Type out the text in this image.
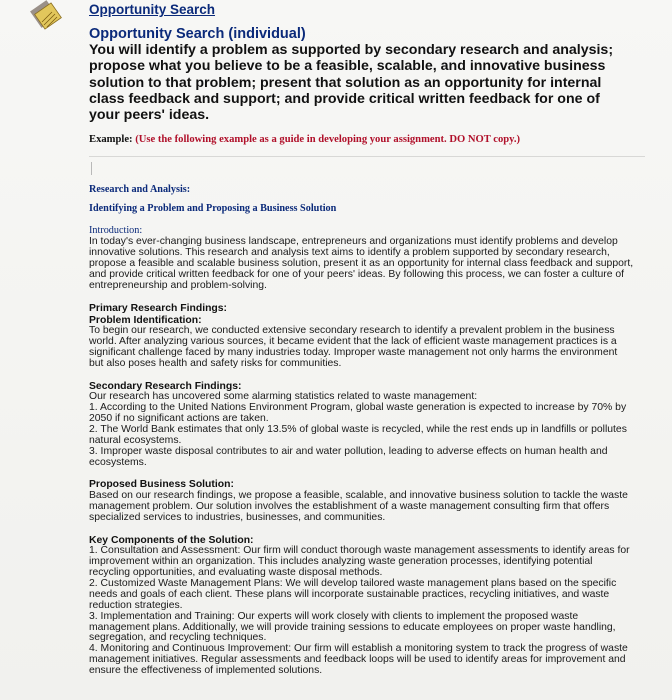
Opportunity Search
Opportunity Search (individual)
You will identify a problem as supported by secondary research and analysis; propose what you believe to be a feasible, scalable, and innovative business solution to that problem; present that solution as an opportunity for internal class feedback and support; and provide critical written feedback for one of your peers' ideas.
Example: (Use the following example as a guide in developing your assignment. DO NOT copy.)
Research and Analysis:
Identifying a Problem and Proposing a Business Solution
Introduction:
In today's ever-changing business landscape, entrepreneurs and organizations must identify problems and develop innovative solutions. This research and analysis text aims to identify a problem supported by secondary research, propose a feasible and scalable business solution, present it as an opportunity for internal class feedback and support, and provide critical written feedback for one of your peers' ideas. By following this process, we can foster a culture of entrepreneurship and problem-solving.
Primary Research Findings:
Problem Identification:
To begin our research, we conducted extensive secondary research to identify a prevalent problem in the business world. After analyzing various sources, it became evident that the lack of efficient waste management practices is a significant challenge faced by many industries today. Improper waste management not only harms the environment but also poses health and safety risks for communities.
Secondary Research Findings:
Our research has uncovered some alarming statistics related to waste management:
1. According to the United Nations Environment Program, global waste generation is expected to increase by 70% by 2050 if no significant actions are taken.
2. The World Bank estimates that only 13.5% of global waste is recycled, while the rest ends up in landfills or pollutes natural ecosystems.
3. Improper waste disposal contributes to air and water pollution, leading to adverse effects on human health and ecosystems.
Proposed Business Solution:
Based on our research findings, we propose a feasible, scalable, and innovative business solution to tackle the waste management problem. Our solution involves the establishment of a waste management consulting firm that offers specialized services to industries, businesses, and communities.
Key Components of the Solution:
1. Consultation and Assessment: Our firm will conduct thorough waste management assessments to identify areas for improvement within an organization. This includes analyzing waste generation processes, identifying potential recycling opportunities, and evaluating waste disposal methods.
2. Customized Waste Management Plans: We will develop tailored waste management plans based on the specific needs and goals of each client. These plans will incorporate sustainable practices, recycling initiatives, and waste reduction strategies.
3. Implementation and Training: Our experts will work closely with clients to implement the proposed waste management plans. Additionally, we will provide training sessions to educate employees on proper waste handling, segregation, and recycling techniques.
4. Monitoring and Continuous Improvement: Our firm will establish a monitoring system to track the progress of waste management initiatives. Regular assessments and feedback loops will be used to identify areas for improvement and ensure the effectiveness of implemented solutions.
